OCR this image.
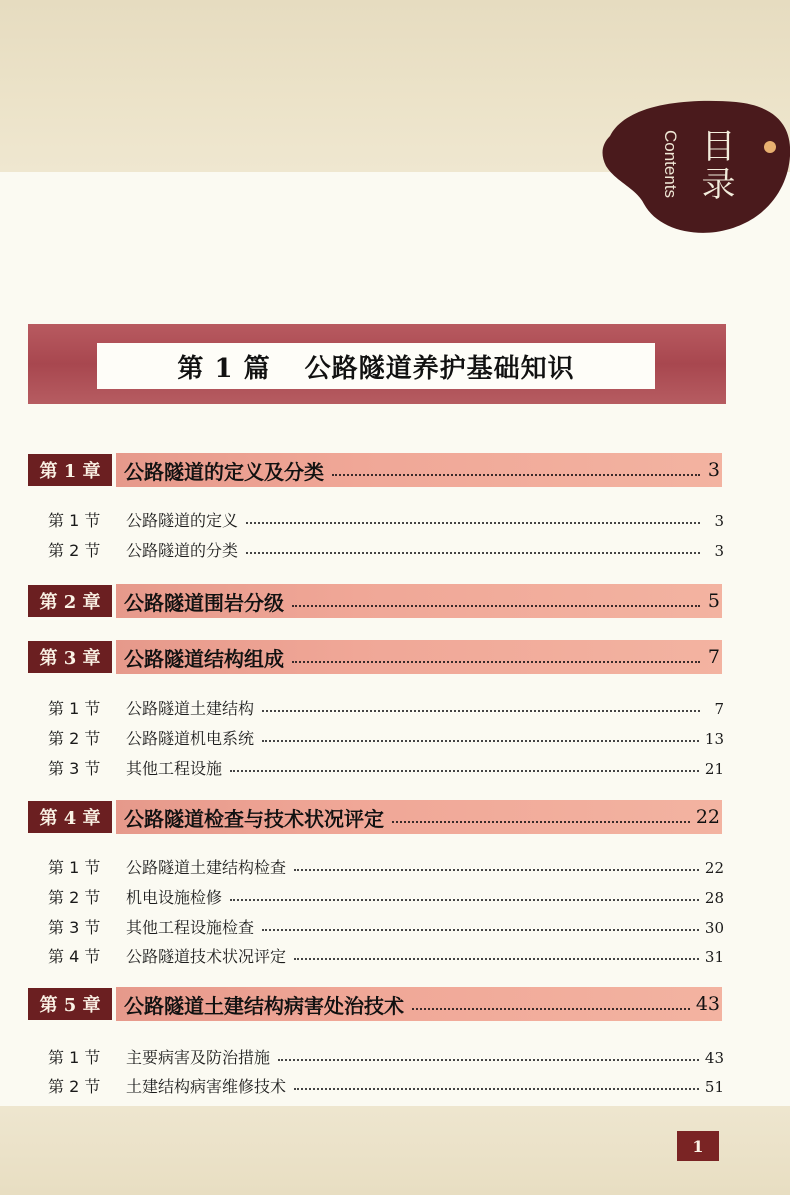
目录
Contents
第 1 篇 公路隧道养护基础知识
第 1 章	公路隧道的定义及分类	3
第 1 节	公路隧道的定义	3
第 2 节	公路隧道的分类	3
第 2 章	公路隧道围岩分级	5
第 3 章	公路隧道结构组成	7
第 1 节	公路隧道土建结构	7
第 2 节	公路隧道机电系统	13
第 3 节	其他工程设施	21
第 4 章	公路隧道检查与技术状况评定	22
第 1 节	公路隧道土建结构检查	22
第 2 节	机电设施检修	28
第 3 节	其他工程设施检查	30
第 4 节	公路隧道技术状况评定	31
第 5 章	公路隧道土建结构病害处治技术	43
第 1 节	主要病害及防治措施	43
第 2 节	土建结构病害维修技术	51
1
